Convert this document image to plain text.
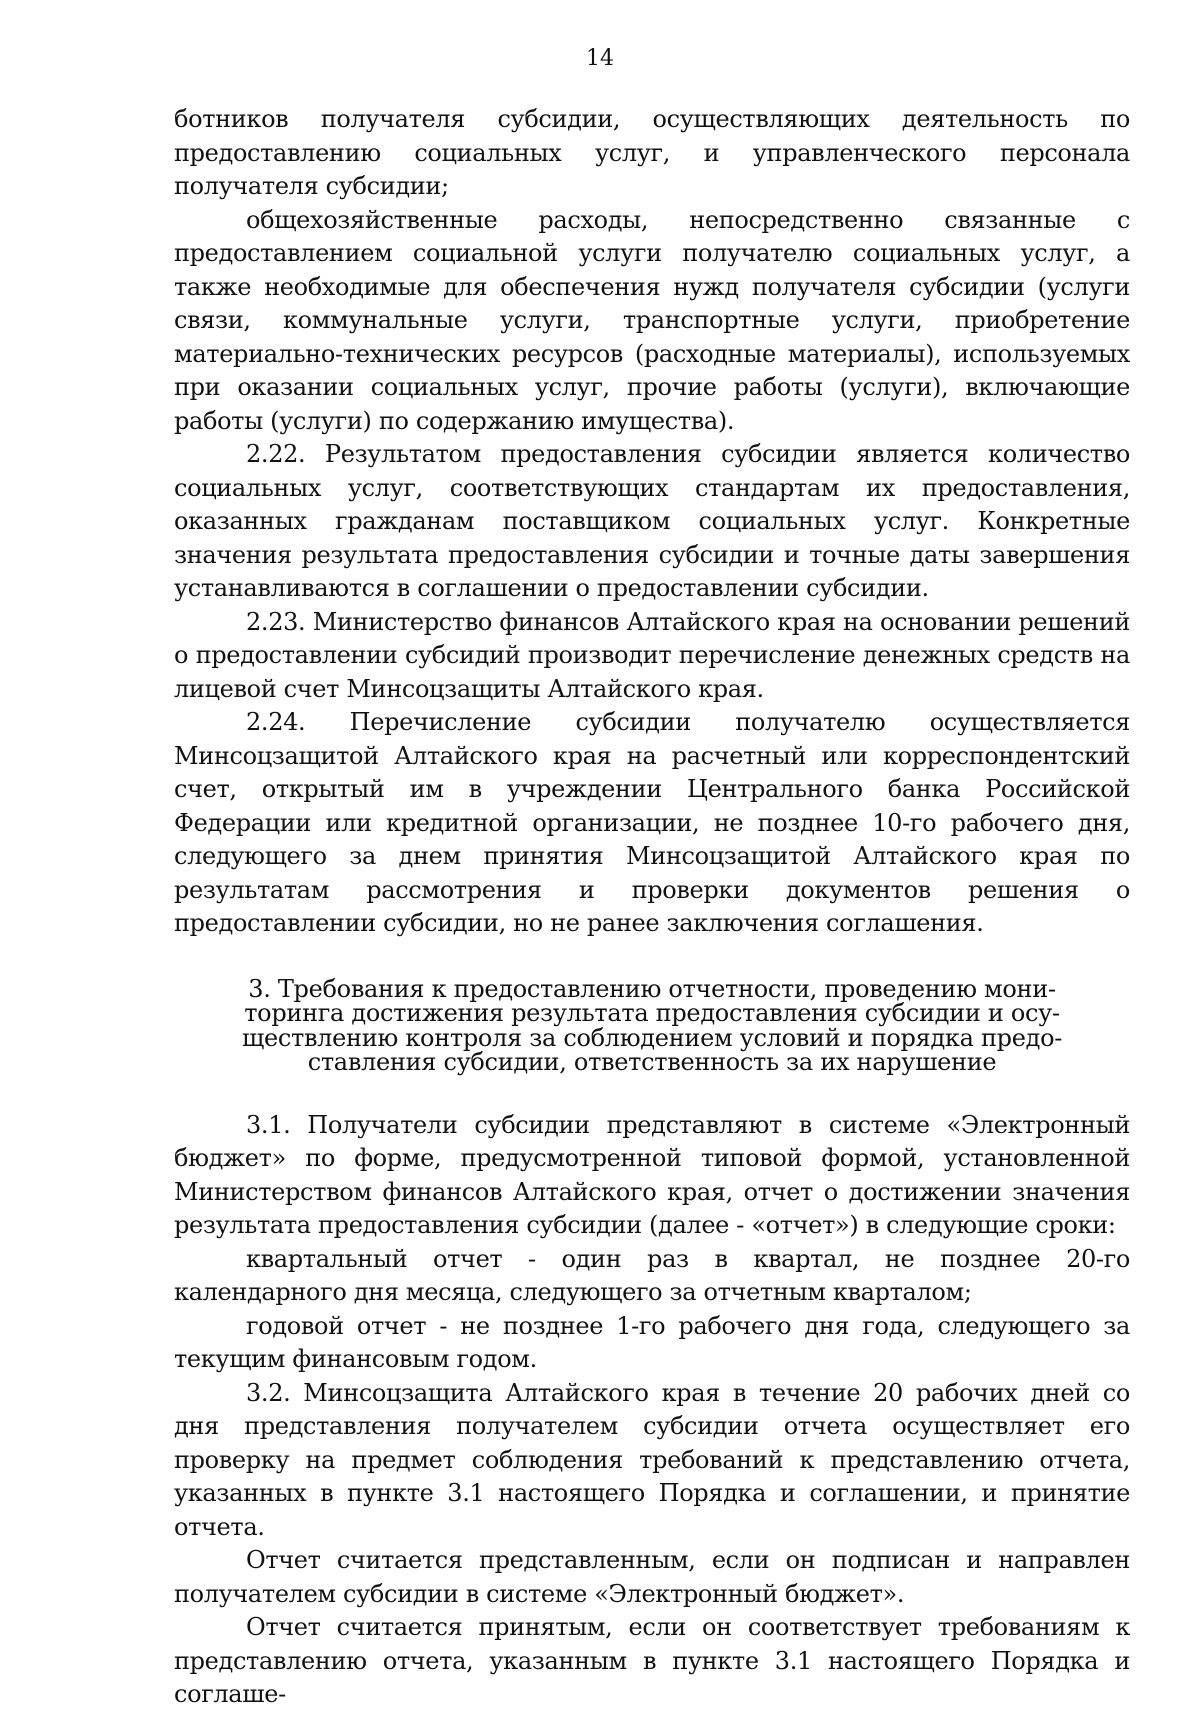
14

ботников получателя субсидии, осуществляющих деятельность по предоставлению социальных услуг, и управленческого персонала получателя субсидии;

общехозяйственные расходы, непосредственно связанные с предоставлением социальной услуги получателю социальных услуг, а также необходимые для обеспечения нужд получателя субсидии (услуги связи, коммунальные услуги, транспортные услуги, приобретение материально-технических ресурсов (расходные материалы), используемых при оказании социальных услуг, прочие работы (услуги), включающие работы (услуги) по содержанию имущества).

2.22. Результатом предоставления субсидии является количество социальных услуг, соответствующих стандартам их предоставления, оказанных гражданам поставщиком социальных услуг. Конкретные значения результата предоставления субсидии и точные даты завершения устанавливаются в соглашении о предоставлении субсидии.

2.23. Министерство финансов Алтайского края на основании решений о предоставлении субсидий производит перечисление денежных средств на лицевой счет Минсоцзащиты Алтайского края.

2.24. Перечисление субсидии получателю осуществляется Минсоцзащитой Алтайского края на расчетный или корреспондентский счет, открытый им в учреждении Центрального банка Российской Федерации или кредитной организации, не позднее 10-го рабочего дня, следующего за днем принятия Минсоцзащитой Алтайского края по результатам рассмотрения и проверки документов решения о предоставлении субсидии, но не ранее заключения соглашения.

3. Требования к предоставлению отчетности, проведению мони-
торинга достижения результата предоставления субсидии и осу-
ществлению контроля за соблюдением условий и порядка предо-
ставления субсидии, ответственность за их нарушение

3.1. Получатели субсидии представляют в системе «Электронный бюджет» по форме, предусмотренной типовой формой, установленной Министерством финансов Алтайского края, отчет о достижении значения результата предоставления субсидии (далее - «отчет») в следующие сроки:

квартальный отчет - один раз в квартал, не позднее 20-го календарного дня месяца, следующего за отчетным кварталом;

годовой отчет - не позднее 1-го рабочего дня года, следующего за текущим финансовым годом.

3.2. Минсоцзащита Алтайского края в течение 20 рабочих дней со дня представления получателем субсидии отчета осуществляет его проверку на предмет соблюдения требований к представлению отчета, указанных в пункте 3.1 настоящего Порядка и соглашении, и принятие отчета.

Отчет считается представленным, если он подписан и направлен получателем субсидии в системе «Электронный бюджет».

Отчет считается принятым, если он соответствует требованиям к представлению отчета, указанным в пункте 3.1 настоящего Порядка и соглаше-
